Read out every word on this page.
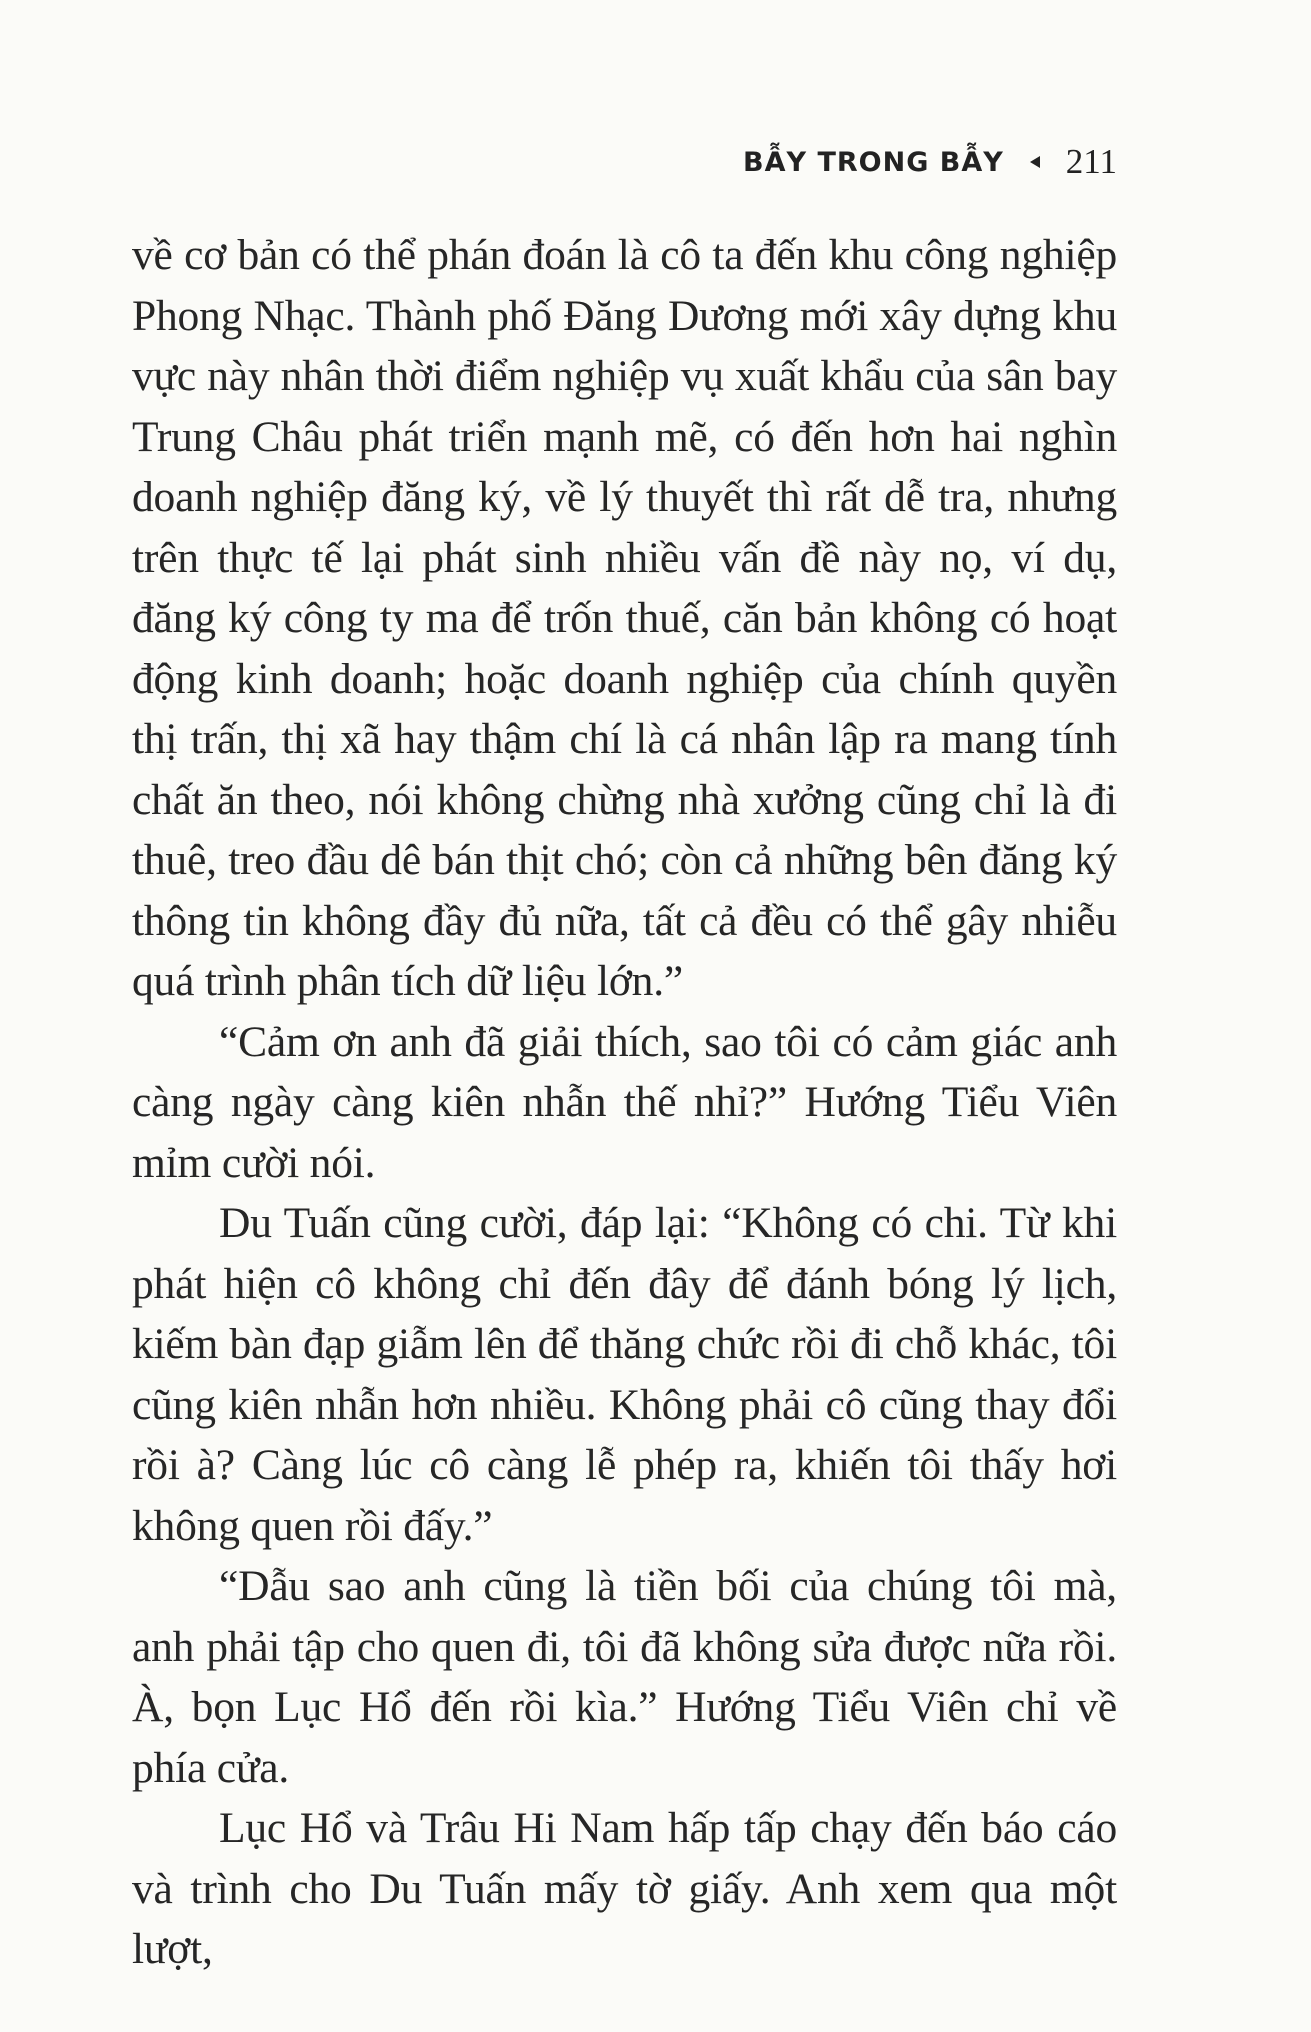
BẪY TRONG BẪY 211

về cơ bản có thể phán đoán là cô ta đến khu công nghiệp Phong Nhạc. Thành phố Đăng Dương mới xây dựng khu vực này nhân thời điểm nghiệp vụ xuất khẩu của sân bay Trung Châu phát triển mạnh mẽ, có đến hơn hai nghìn doanh nghiệp đăng ký, về lý thuyết thì rất dễ tra, nhưng trên thực tế lại phát sinh nhiều vấn đề này nọ, ví dụ, đăng ký công ty ma để trốn thuế, căn bản không có hoạt động kinh doanh; hoặc doanh nghiệp của chính quyền thị trấn, thị xã hay thậm chí là cá nhân lập ra mang tính chất ăn theo, nói không chừng nhà xưởng cũng chỉ là đi thuê, treo đầu dê bán thịt chó; còn cả những bên đăng ký thông tin không đầy đủ nữa, tất cả đều có thể gây nhiễu quá trình phân tích dữ liệu lớn.”

“Cảm ơn anh đã giải thích, sao tôi có cảm giác anh càng ngày càng kiên nhẫn thế nhỉ?” Hướng Tiểu Viên mỉm cười nói.

Du Tuấn cũng cười, đáp lại: “Không có chi. Từ khi phát hiện cô không chỉ đến đây để đánh bóng lý lịch, kiếm bàn đạp giẫm lên để thăng chức rồi đi chỗ khác, tôi cũng kiên nhẫn hơn nhiều. Không phải cô cũng thay đổi rồi à? Càng lúc cô càng lễ phép ra, khiến tôi thấy hơi không quen rồi đấy.”

“Dẫu sao anh cũng là tiền bối của chúng tôi mà, anh phải tập cho quen đi, tôi đã không sửa được nữa rồi. À, bọn Lục Hổ đến rồi kìa.” Hướng Tiểu Viên chỉ về phía cửa.

Lục Hổ và Trâu Hi Nam hấp tấp chạy đến báo cáo và trình cho Du Tuấn mấy tờ giấy. Anh xem qua một lượt,
